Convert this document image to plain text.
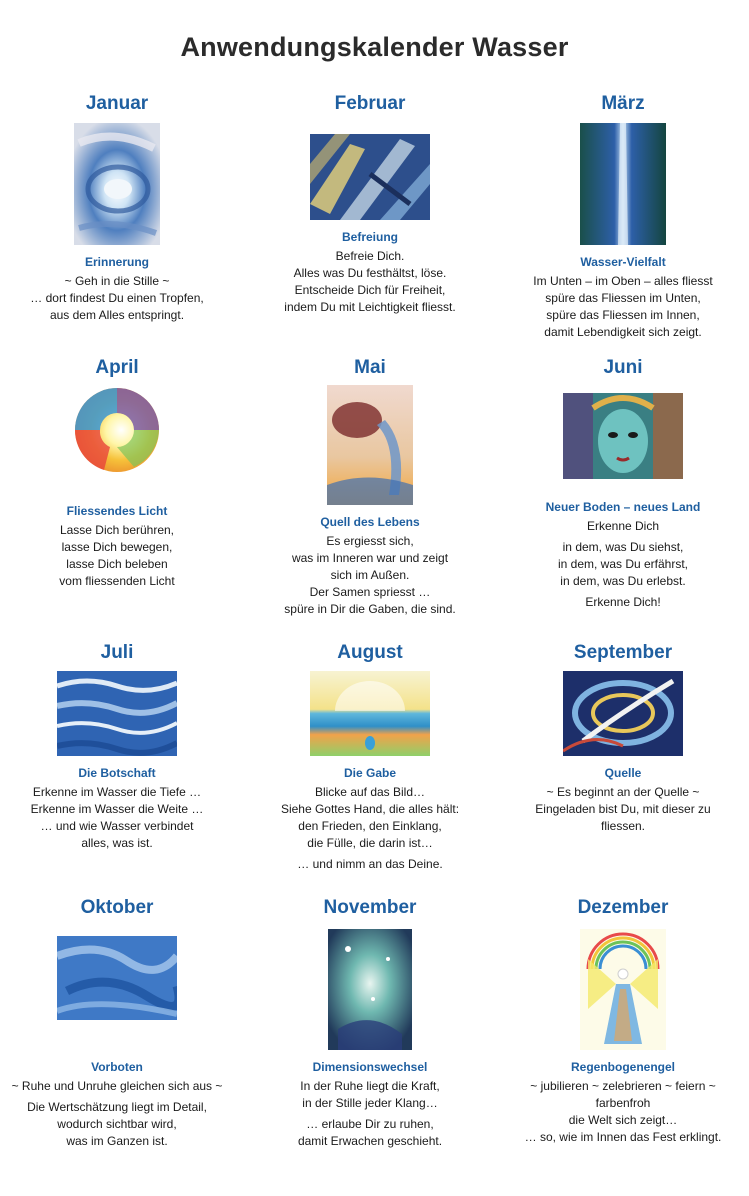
Anwendungskalender Wasser
Januar
Erinnerung
~ Geh in die Stille ~
… dort findest Du einen Tropfen,
aus dem Alles entspringt.
Februar
Befreiung
Befreie Dich.
Alles was Du festhältst, löse.
Entscheide Dich für Freiheit,
indem Du mit Leichtigkeit fliesst.
März
Wasser-Vielfalt
Im Unten – im Oben – alles fliesst
spüre das Fliessen im Unten,
spüre das Fliessen im Innen,
damit Lebendigkeit sich zeigt.
April
Fliessendes Licht
Lasse Dich berühren,
lasse Dich bewegen,
lasse Dich beleben
vom fliessenden Licht
Mai
Quell des Lebens
Es ergiesst sich,
was im Inneren war und zeigt
sich im Außen.
Der Samen spriesst …
spüre in Dir die Gaben, die sind.
Juni
Neuer Boden – neues Land
Erkenne Dich
in dem, was Du siehst,
in dem, was Du erfährst,
in dem, was Du erlebst.
Erkenne Dich!
Juli
Die Botschaft
Erkenne im Wasser die Tiefe …
Erkenne im Wasser die Weite …
… und wie Wasser verbindet
alles, was ist.
August
Die Gabe
Blicke auf das Bild…
Siehe Gottes Hand, die alles hält:
den Frieden, den Einklang,
die Fülle, die darin ist…
… und nimm an das Deine.
September
Quelle
~ Es beginnt an der Quelle ~
Eingeladen bist Du, mit dieser zu
fliessen.
Oktober
Vorboten
~ Ruhe und Unruhe gleichen sich aus ~
Die Wertschätzung liegt im Detail,
wodurch sichtbar wird,
was im Ganzen ist.
November
Dimensionswechsel
In der Ruhe liegt die Kraft,
in der Stille jeder Klang…
… erlaube Dir zu ruhen,
damit Erwachen geschieht.
Dezember
Regenbogenengel
~ jubilieren ~ zelebrieren ~ feiern ~
farbenfroh
die Welt sich zeigt…
… so, wie im Innen das Fest erklingt.
